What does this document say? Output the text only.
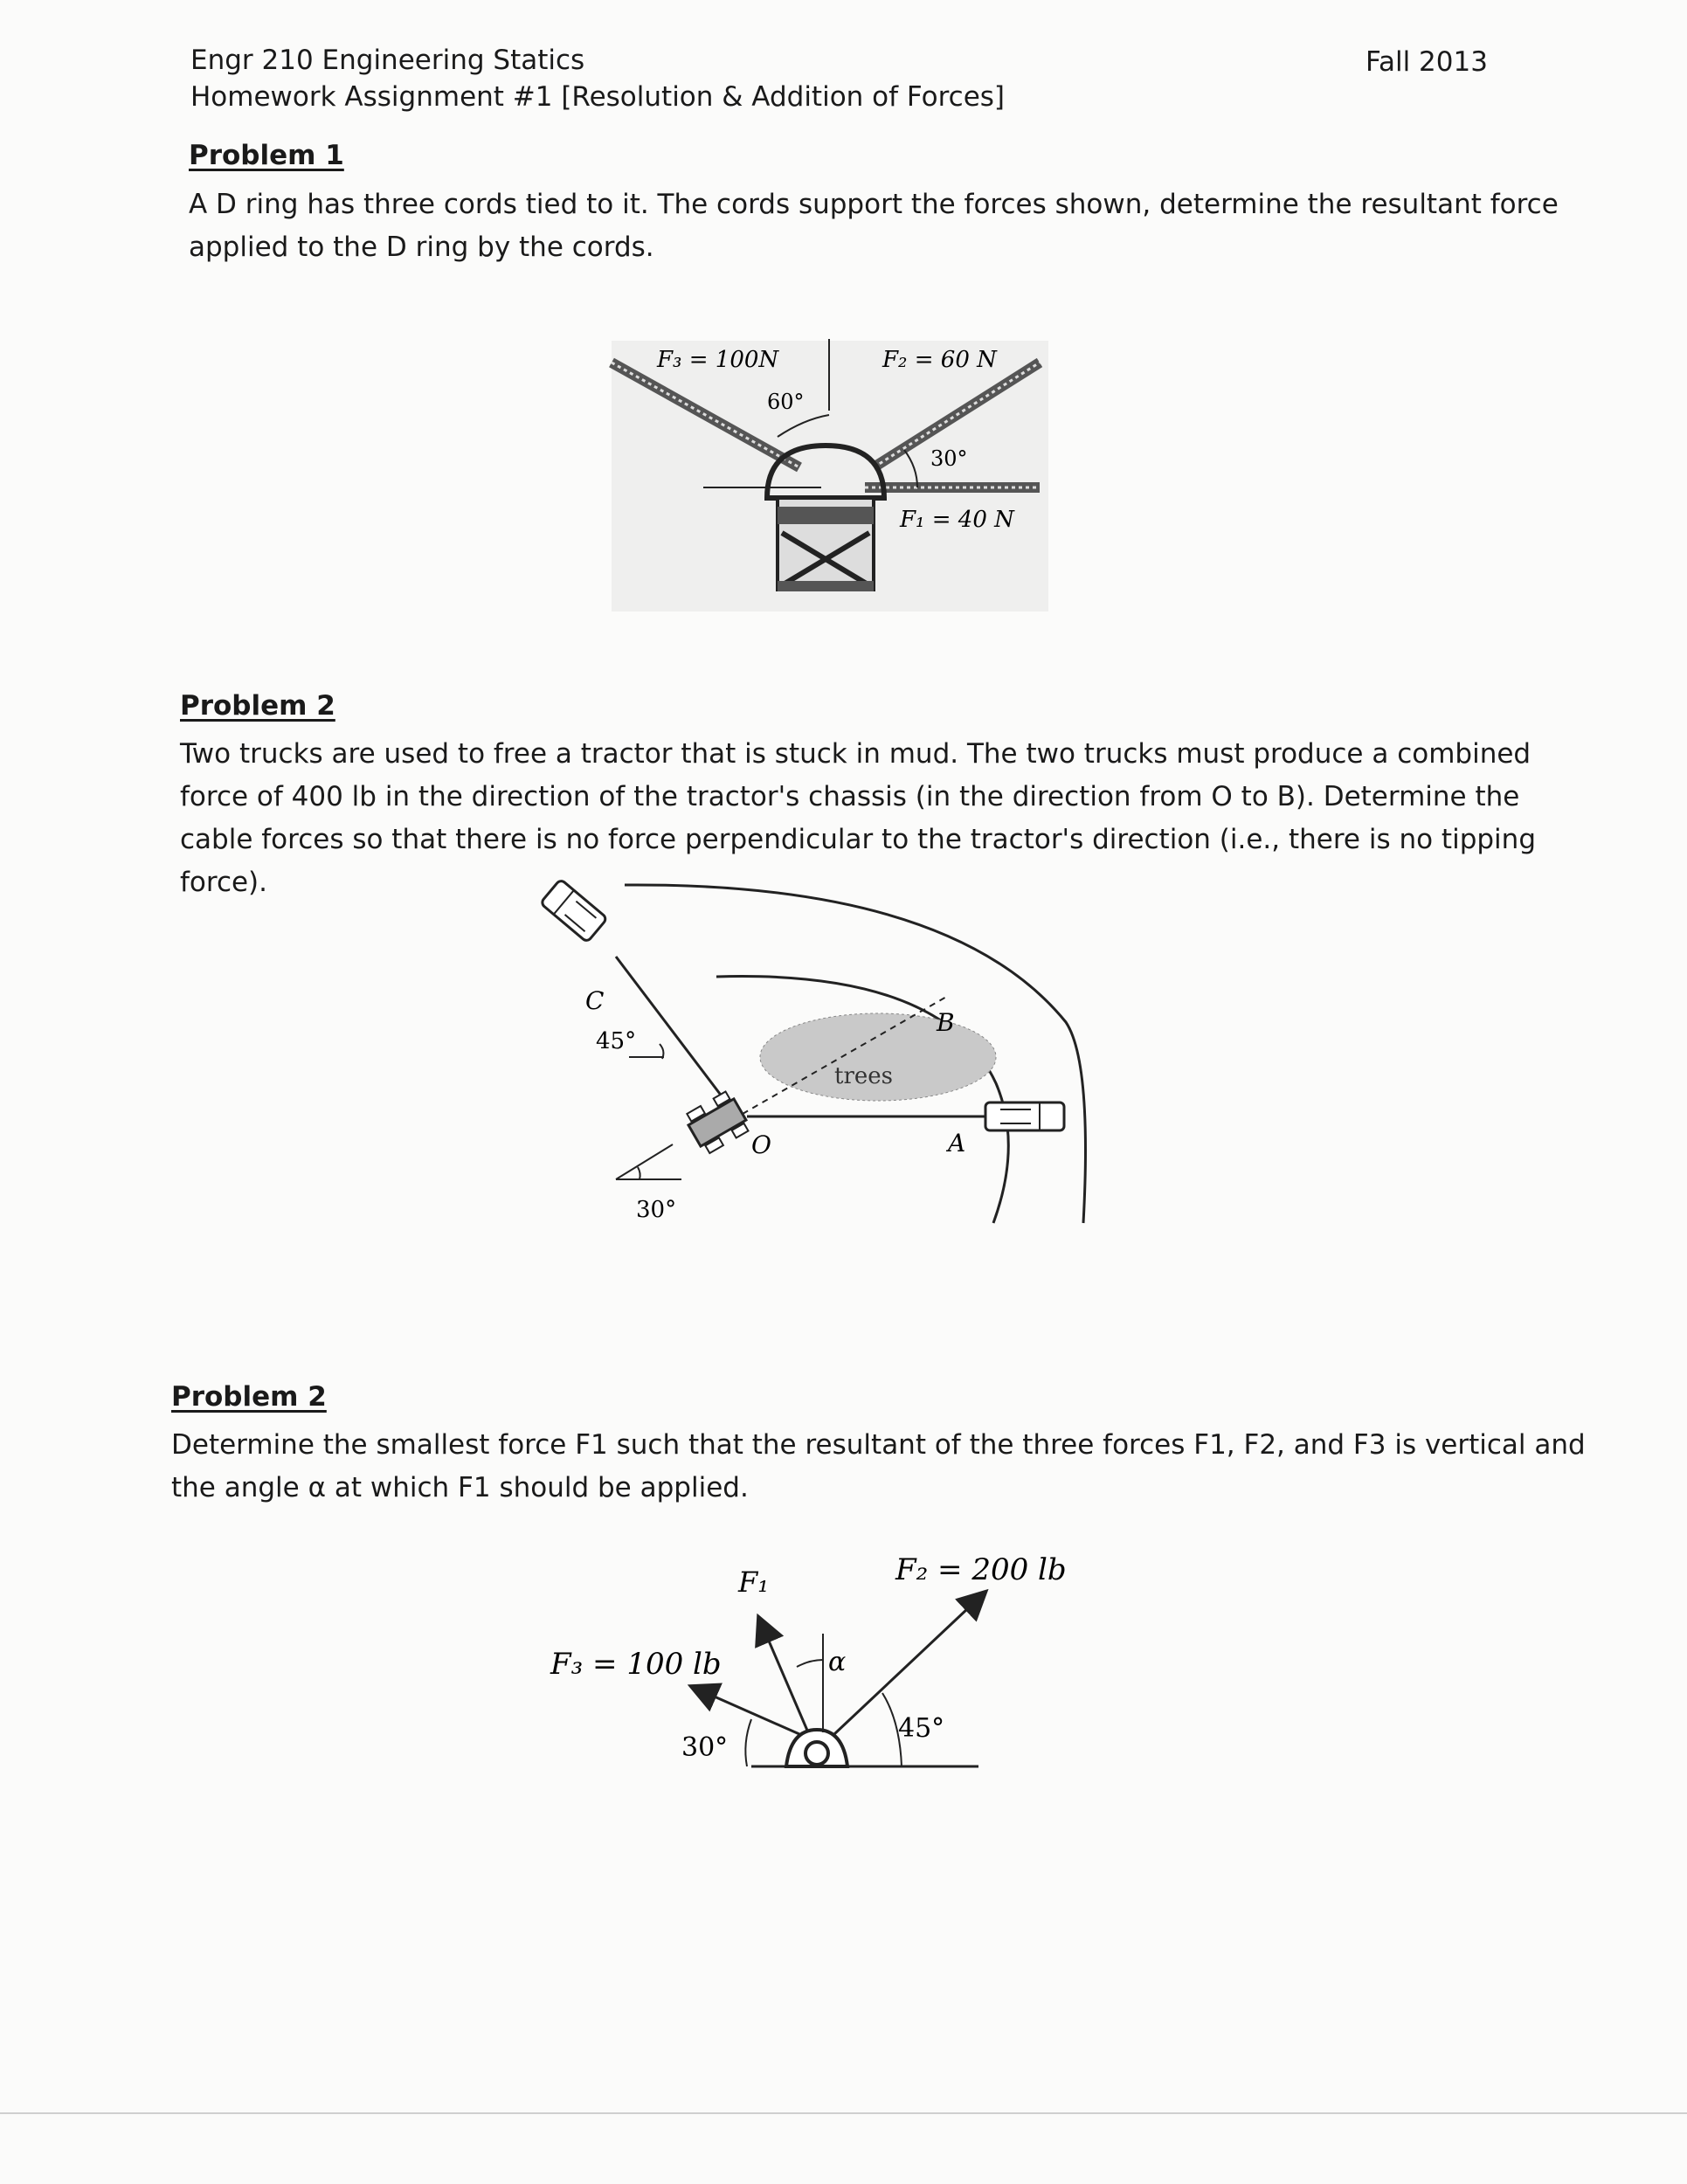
Engr 210 Engineering Statics
Homework Assignment #1 [Resolution & Addition of Forces]
Fall 2013
Problem 1
A D ring has three cords tied to it. The cords support the forces shown, determine the resultant force applied to the D ring by the cords.
F₃ = 100N	F₂ = 60 N
F₁ = 40 N
60°
30°
Problem 2
Two trucks are used to free a tractor that is stuck in mud. The two trucks must produce a combined force of 400 lb in the direction of the tractor's chassis (in the direction from O to B). Determine the cable forces so that there is no force perpendicular to the tractor's direction (i.e., there is no tipping force).
trees
C
45°
B
O	A
30°
Problem 2
Determine the smallest force F1 such that the resultant of the three forces F1, F2, and F3 is vertical and the angle α at which F1 should be applied.
F₁	F₂ = 200 lb
F₃ = 100 lb	α
30°
45°
